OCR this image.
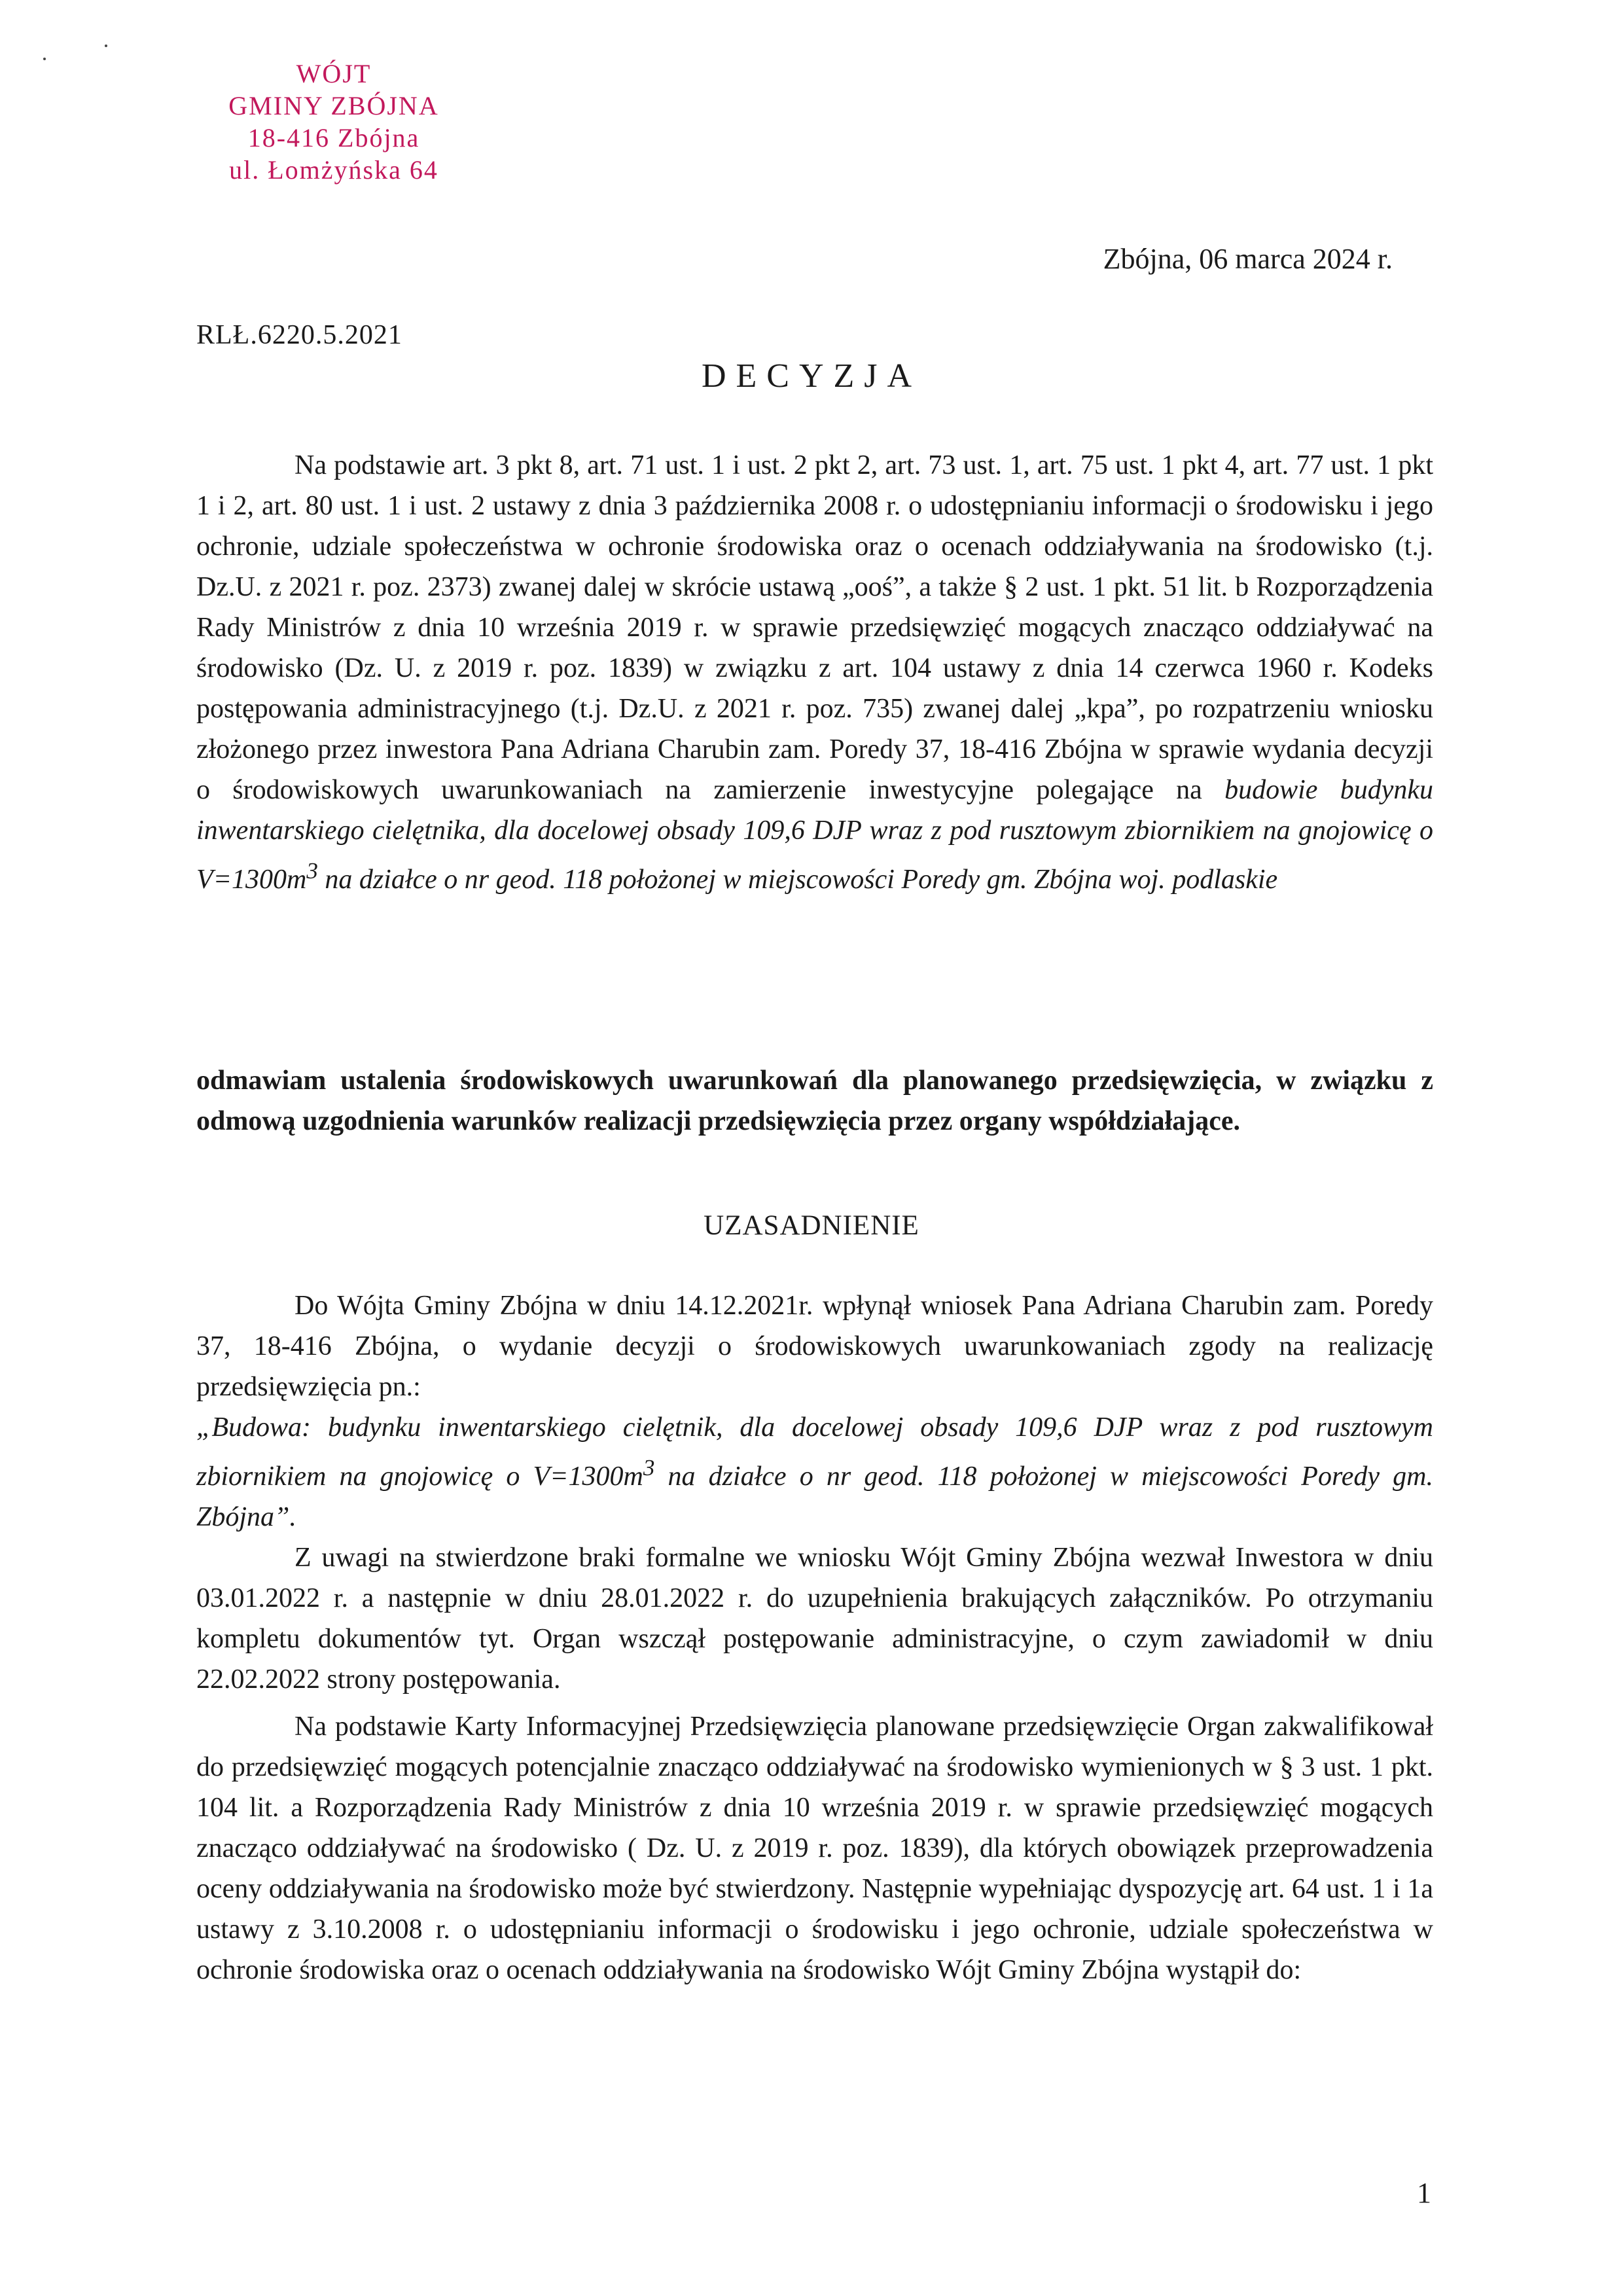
WÓJT
GMINY ZBÓJNA
18-416 Zbójna
ul. Łomżyńska 64
Zbójna, 06 marca 2024 r.
RLŁ.6220.5.2021
DECYZJA

Na podstawie art. 3 pkt 8, art. 71 ust. 1 i ust. 2 pkt 2, art. 73 ust. 1, art. 75 ust. 1 pkt 4, art. 77 ust. 1 pkt 1 i 2, art. 80 ust. 1 i ust. 2 ustawy z dnia 3 października 2008 r. o udostępnianiu informacji o środowisku i jego ochronie, udziale społeczeństwa w ochronie środowiska oraz o ocenach oddziaływania na środowisko (t.j. Dz.U. z 2021 r. poz. 2373) zwanej dalej w skrócie ustawą „ooś”, a także § 2 ust. 1 pkt. 51 lit. b Rozporządzenia Rady Ministrów z dnia 10 września 2019 r. w sprawie przedsięwzięć mogących znacząco oddziaływać na środowisko (Dz. U. z 2019 r. poz. 1839) w związku z art. 104 ustawy z dnia 14 czerwca 1960 r. Kodeks postępowania administracyjnego (t.j. Dz.U. z 2021 r. poz. 735) zwanej dalej „kpa”, po rozpatrzeniu wniosku złożonego przez inwestora Pana Adriana Charubin zam. Poredy 37, 18-416 Zbójna w sprawie wydania decyzji o środowiskowych uwarunkowaniach na zamierzenie inwestycyjne polegające na budowie budynku inwentarskiego cielętnika, dla docelowej obsady 109,6 DJP wraz z pod rusztowym zbiornikiem na gnojowicę o $V=1300m^3$ na działce o nr geod. 118 położonej w miejscowości Poredy gm. Zbójna woj. podlaskie

odmawiam ustalenia środowiskowych uwarunkowań dla planowanego przedsięwzięcia, w związku z odmową uzgodnienia warunków realizacji przedsięwzięcia przez organy współdziałające.

UZASADNIENIE

Do Wójta Gminy Zbójna w dniu 14.12.2021r. wpłynął wniosek Pana Adriana Charubin zam. Poredy 37, 18-416 Zbójna, o wydanie decyzji o środowiskowych uwarunkowaniach zgody na realizację przedsięwzięcia pn.:
„Budowa: budynku inwentarskiego cielętnik, dla docelowej obsady 109,6 DJP wraz z pod rusztowym zbiornikiem na gnojowicę o $V=1300m^3$ na działce o nr geod. 118 położonej w miejscowości Poredy gm. Zbójna”.

Z uwagi na stwierdzone braki formalne we wniosku Wójt Gminy Zbójna wezwał Inwestora w dniu 03.01.2022 r. a następnie w dniu 28.01.2022 r. do uzupełnienia brakujących załączników. Po otrzymaniu kompletu dokumentów tyt. Organ wszczął postępowanie administracyjne, o czym zawiadomił w dniu 22.02.2022 strony postępowania.

Na podstawie Karty Informacyjnej Przedsięwzięcia planowane przedsięwzięcie Organ zakwalifikował do przedsięwzięć mogących potencjalnie znacząco oddziaływać na środowisko wymienionych w § 3 ust. 1 pkt. 104 lit. a Rozporządzenia Rady Ministrów z dnia 10 września 2019 r. w sprawie przedsięwzięć mogących znacząco oddziaływać na środowisko ( Dz. U. z 2019 r. poz. 1839), dla których obowiązek przeprowadzenia oceny oddziaływania na środowisko może być stwierdzony. Następnie wypełniając dyspozycję art. 64 ust. 1 i 1a ustawy z 3.10.2008 r. o udostępnianiu informacji o środowisku i jego ochronie, udziale społeczeństwa w ochronie środowiska oraz o ocenach oddziaływania na środowisko Wójt Gminy Zbójna wystąpił do:

1
